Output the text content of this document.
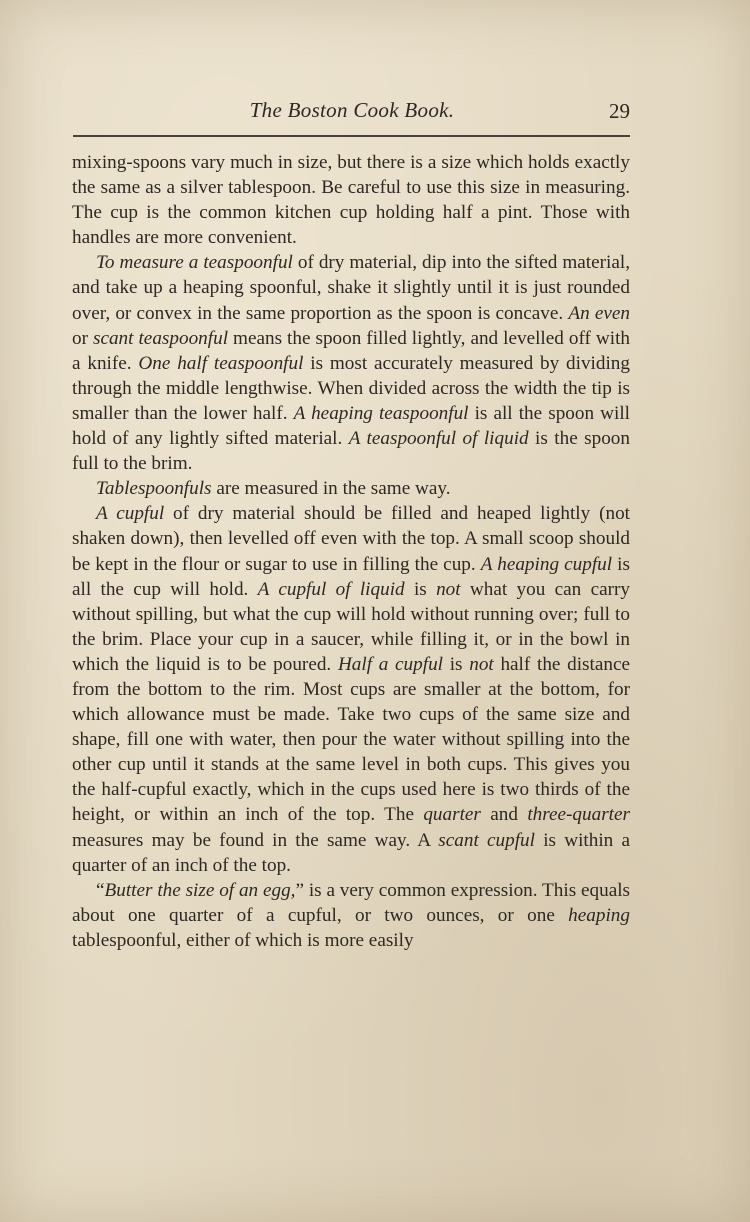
The Boston Cook Book.	29

mixing-spoons vary much in size, but there is a size which holds exactly the same as a silver tablespoon. Be careful to use this size in measuring. The cup is the common kitchen cup holding half a pint. Those with handles are more convenient.

To measure a teaspoonful of dry material, dip into the sifted material, and take up a heaping spoonful, shake it slightly until it is just rounded over, or convex in the same proportion as the spoon is concave. An even or scant teaspoonful means the spoon filled lightly, and levelled off with a knife. One half teaspoonful is most accurately measured by dividing through the middle lengthwise. When divided across the width the tip is smaller than the lower half. A heaping teaspoonful is all the spoon will hold of any lightly sifted material. A teaspoonful of liquid is the spoon full to the brim.

Tablespoonfuls are measured in the same way.

A cupful of dry material should be filled and heaped lightly (not shaken down), then levelled off even with the top. A small scoop should be kept in the flour or sugar to use in filling the cup. A heaping cupful is all the cup will hold. A cupful of liquid is not what you can carry without spilling, but what the cup will hold without running over; full to the brim. Place your cup in a saucer, while filling it, or in the bowl in which the liquid is to be poured. Half a cupful is not half the distance from the bottom to the rim. Most cups are smaller at the bottom, for which allowance must be made. Take two cups of the same size and shape, fill one with water, then pour the water without spilling into the other cup until it stands at the same level in both cups. This gives you the half-cupful exactly, which in the cups used here is two thirds of the height, or within an inch of the top. The quarter and three-quarter measures may be found in the same way. A scant cupful is within a quarter of an inch of the top.

“Butter the size of an egg,” is a very common expression. This equals about one quarter of a cupful, or two ounces, or one heaping tablespoonful, either of which is more easily
